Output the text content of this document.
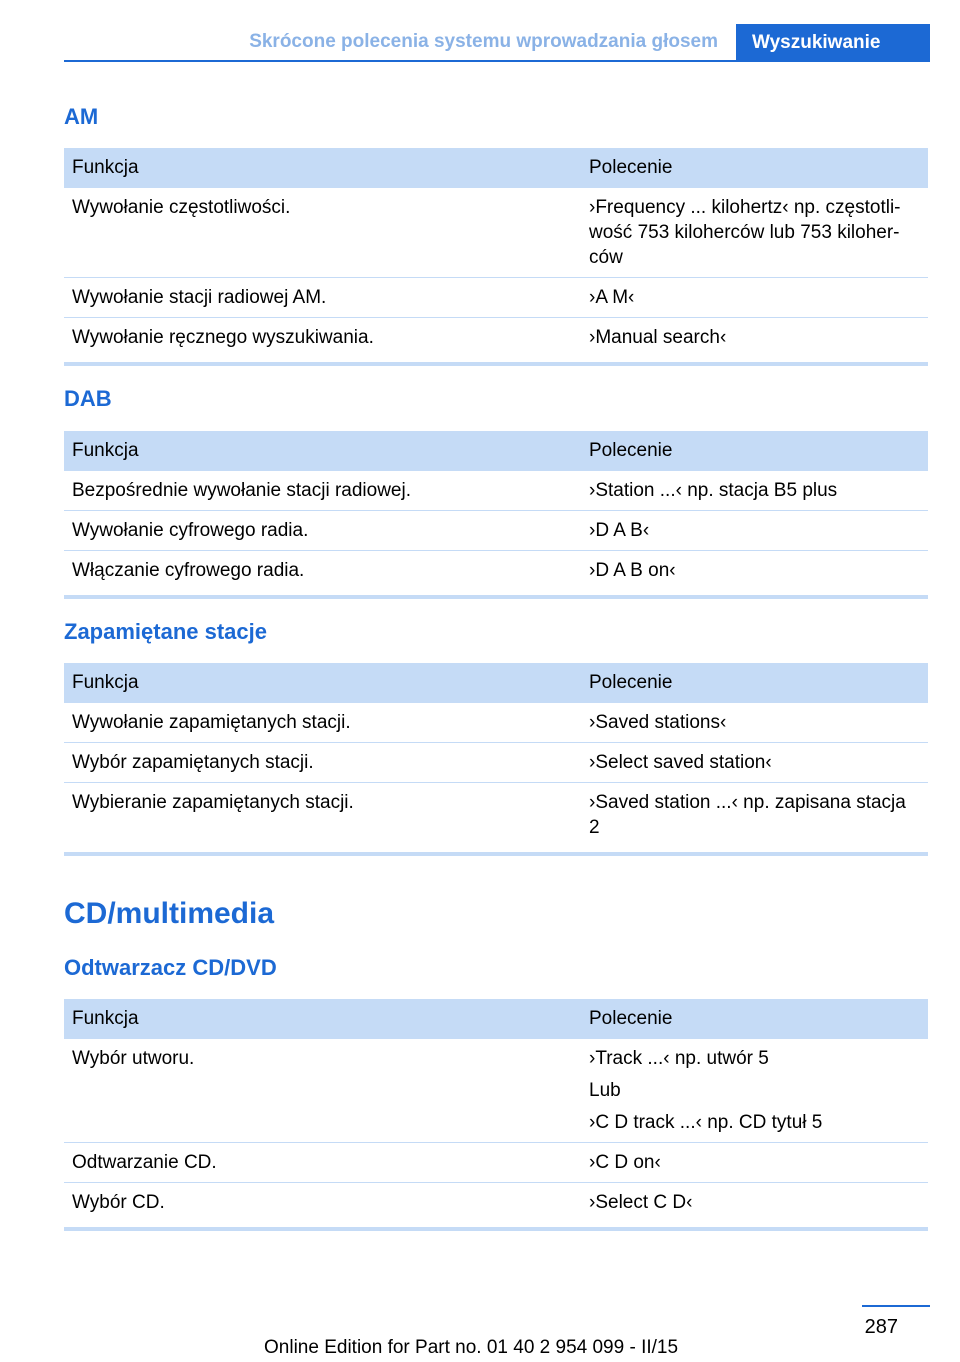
Skrócone polecenia systemu wprowadzania głosem	Wyszukiwanie
AM
Funkcja	Polecenie
Wywołanie częstotliwości.	›Frequency ... kilohertz‹ np. częstotliwość 753 kiloherców lub 753 kiloherców
Wywołanie stacji radiowej AM.	›A M‹
Wywołanie ręcznego wyszukiwania.	›Manual search‹
DAB
Funkcja	Polecenie
Bezpośrednie wywołanie stacji radiowej.	›Station ...‹ np. stacja B5 plus
Wywołanie cyfrowego radia.	›D A B‹
Włączanie cyfrowego radia.	›D A B on‹
Zapamiętane stacje
Funkcja	Polecenie
Wywołanie zapamiętanych stacji.	›Saved stations‹
Wybór zapamiętanych stacji.	›Select saved station‹
Wybieranie zapamiętanych stacji.	›Saved station ...‹ np. zapisana stacja 2
CD/multimedia
Odtwarzacz CD/DVD
Funkcja	Polecenie
Wybór utworu.	›Track ...‹ np. utwór 5
Lub
›C D track ...‹ np. CD tytuł 5

Odtwarzanie CD.	›C D on‹
Wybór CD.	›Select C D‹
287
Online Edition for Part no. 01 40 2 954 099 - II/15
